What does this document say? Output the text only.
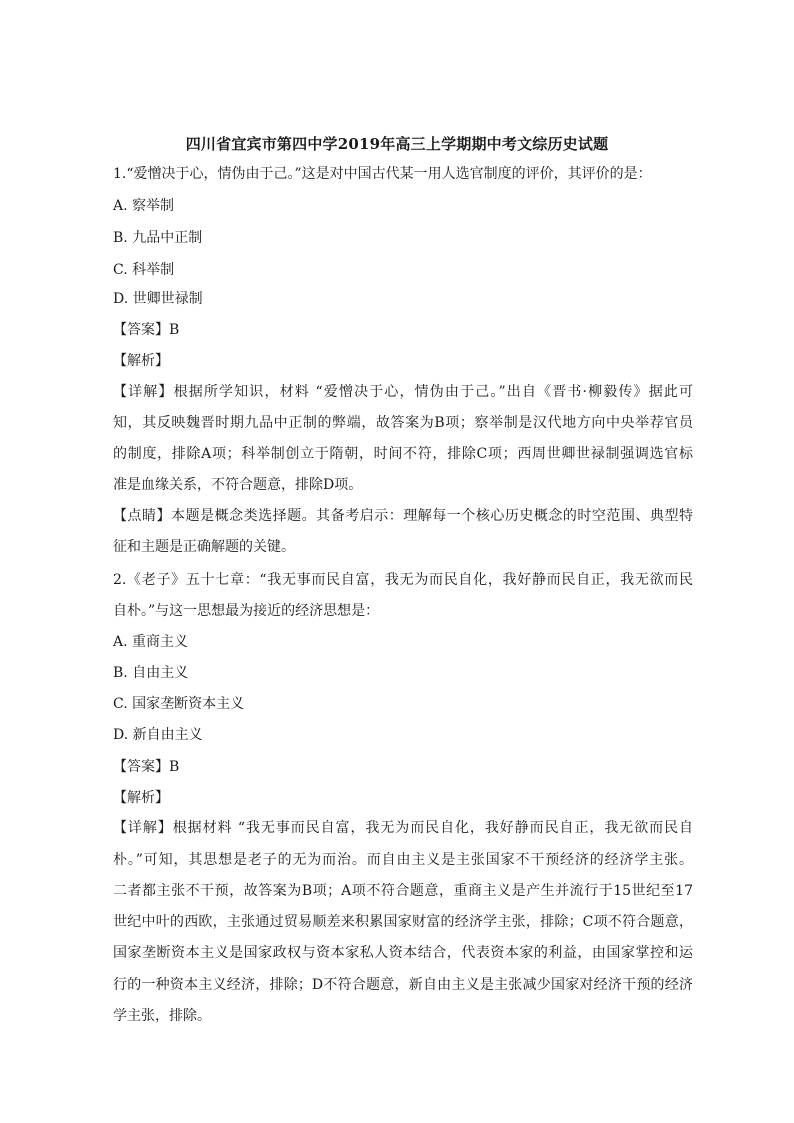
四川省宜宾市第四中学2019年高三上学期期中考文综历史试题
1.“爱憎决于心，情伪由于己。”这是对中国古代某一用人选官制度的评价，其评价的是：
A. 察举制
B. 九品中正制
C. 科举制
D. 世卿世禄制
【答案】B
【解析】
【详解】根据所学知识，材料 “爱憎决于心，情伪由于己。”出自《晋书·柳毅传》据此可
知，其反映魏晋时期九品中正制的弊端，故答案为B项；察举制是汉代地方向中央举荐官员
的制度，排除A项；科举制创立于隋朝，时间不符，排除C项；西周世卿世禄制强调选官标
准是血缘关系，不符合题意，排除D项。
【点睛】本题是概念类选择题。其备考启示：理解每一个核心历史概念的时空范围、典型特
征和主题是正确解题的关键。
2.《老子》五十七章：“我无事而民自富，我无为而民自化，我好静而民自正，我无欲而民
自朴。”与这一思想最为接近的经济思想是：
A. 重商主义
B. 自由主义
C. 国家垄断资本主义
D. 新自由主义
【答案】B
【解析】
【详解】根据材料 “我无事而民自富，我无为而民自化，我好静而民自正，我无欲而民自
朴。”可知，其思想是老子的无为而治。而自由主义是主张国家不干预经济的经济学主张。
二者都主张不干预，故答案为B项；A项不符合题意，重商主义是产生并流行于15世纪至17
世纪中叶的西欧，主张通过贸易顺差来积累国家财富的经济学主张，排除；C项不符合题意，
国家垄断资本主义是国家政权与资本家私人资本结合，代表资本家的利益，由国家掌控和运
行的一种资本主义经济，排除；D不符合题意，新自由主义是主张减少国家对经济干预的经济
学主张，排除。
